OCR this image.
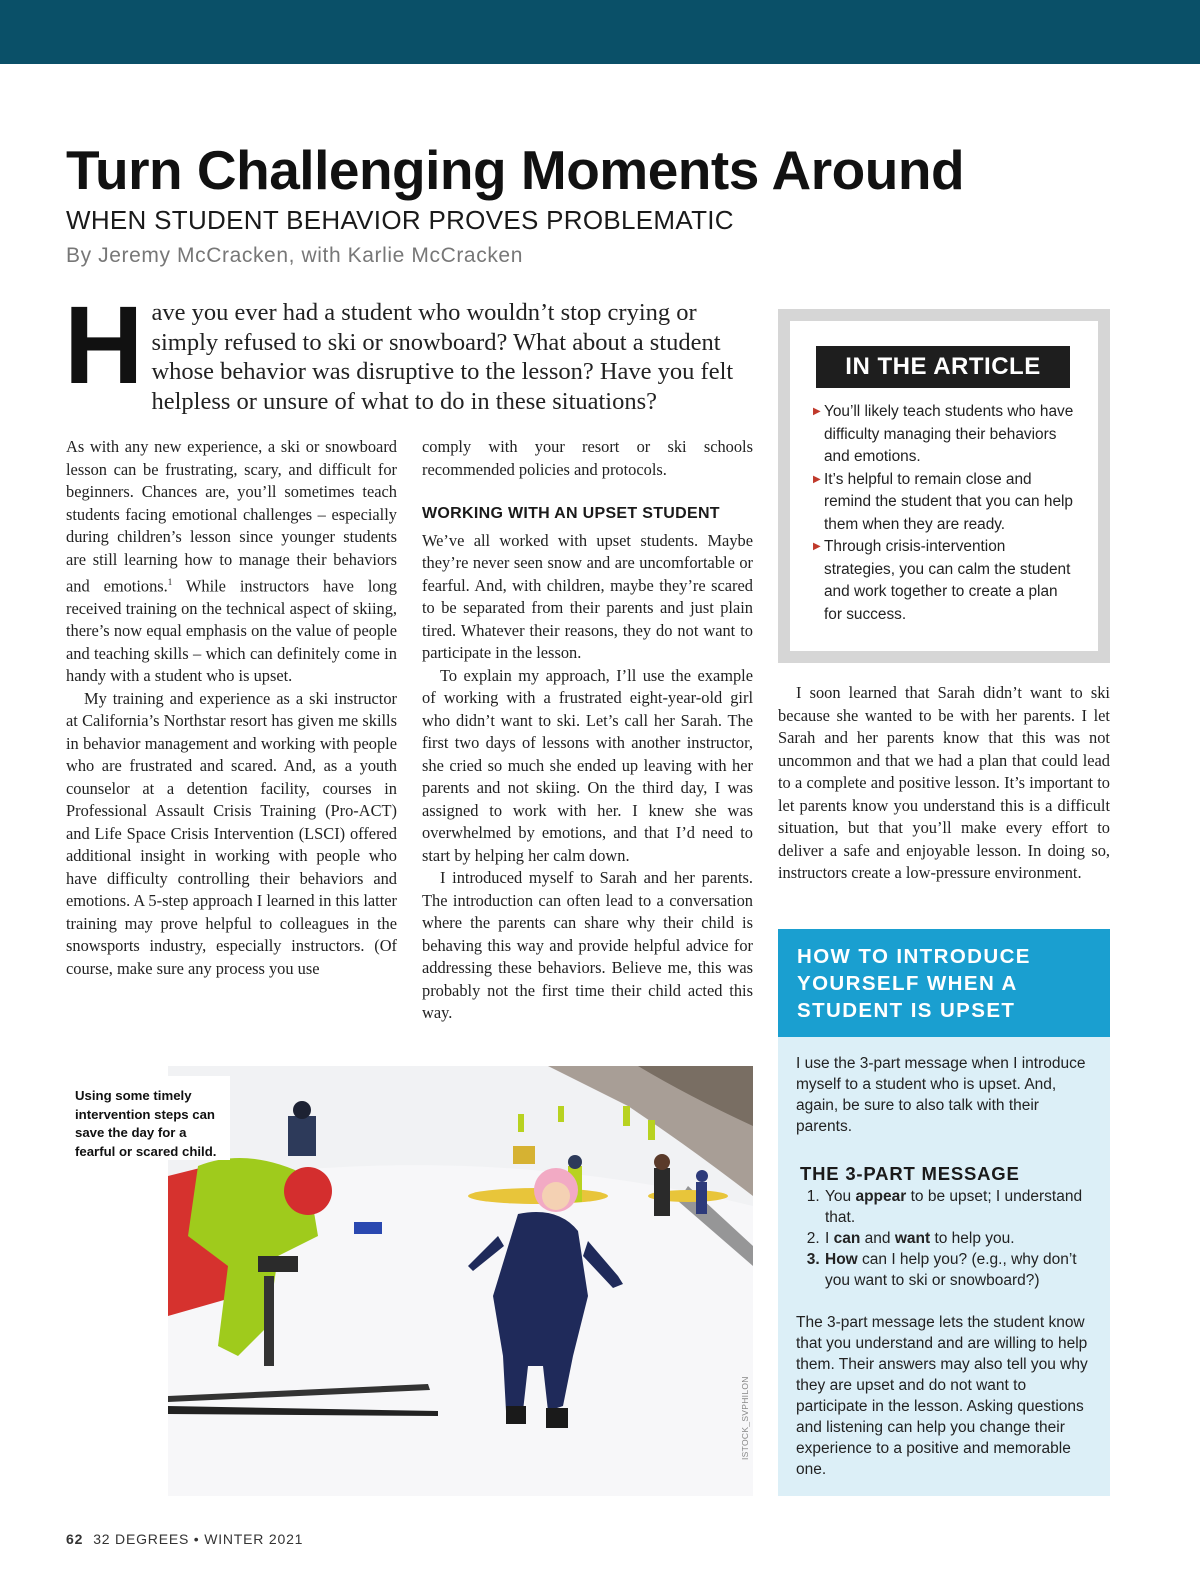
Turn Challenging Moments Around
WHEN STUDENT BEHAVIOR PROVES PROBLEMATIC
By Jeremy McCracken, with Karlie McCracken
Have you ever had a student who wouldn’t stop crying or simply refused to ski or snowboard? What about a student whose behavior was disruptive to the lesson? Have you felt helpless or unsure of what to do in these situations?

As with any new experience, a ski or snowboard lesson can be frustrating, scary, and difficult for beginners. Chances are, you’ll sometimes teach students facing emotional challenges – especially during children’s lesson since younger students are still learning how to manage their behaviors and emotions.$^1$ While instructors have long received training on the technical aspect of skiing, there’s now equal emphasis on the value of people and teaching skills – which can definitely come in handy with a student who is upset.

My training and experience as a ski instructor at California’s Northstar resort has given me skills in behavior management and working with people who are frustrated and scared. And, as a youth counselor at a detention facility, courses in Professional Assault Crisis Training (Pro-ACT) and Life Space Crisis Intervention (LSCI) offered additional insight in working with people who have difficulty controlling their behaviors and emotions. A 5-step approach I learned in this latter training may prove helpful to colleagues in the snowsports industry, especially instructors. (Of course, make sure any process you use

comply with your resort or ski schools recommended policies and protocols.

WORKING WITH AN UPSET STUDENT

We’ve all worked with upset students. Maybe they’re never seen snow and are uncomfortable or fearful. And, with children, maybe they’re scared to be separated from their parents and just plain tired. Whatever their reasons, they do not want to participate in the lesson.

To explain my approach, I’ll use the example of working with a frustrated eight-year-old girl who didn’t want to ski. Let’s call her Sarah. The first two days of lessons with another instructor, she cried so much she ended up leaving with her parents and not skiing. On the third day, I was assigned to work with her. I knew she was overwhelmed by emotions, and that I’d need to start by helping her calm down.

I introduced myself to Sarah and her parents. The introduction can often lead to a conversation where the parents can share why their child is behaving this way and provide helpful advice for addressing these behaviors. Believe me, this was probably not the first time their child acted this way.

IN THE ARTICLE
▶ You’ll likely teach students who have difficulty managing their behaviors and emotions.
▶ It’s helpful to remain close and remind the student that you can help them when they are ready.
▶ Through crisis-intervention strategies, you can calm the student and work together to create a plan for success.

I soon learned that Sarah didn’t want to ski because she wanted to be with her parents. I let Sarah and her parents know that this was not uncommon and that we had a plan that could lead to a complete and positive lesson. It’s important to let parents know you understand this is a difficult situation, but that you’ll make every effort to deliver a safe and enjoyable lesson. In doing so, instructors create a low-pressure environment.

HOW TO INTRODUCE YOURSELF WHEN A STUDENT IS UPSET

I use the 3-part message when I introduce myself to a student who is upset. And, again, be sure to also talk with their parents.

THE 3-PART MESSAGE
1. You appear to be upset; I understand that.
2. I can and want to help you.
3. How can I help you? (e.g., why don’t you want to ski or snowboard?)

The 3-part message lets the student know that you understand and are willing to help them. Their answers may also tell you why they are upset and do not want to participate in the lesson. Asking questions and listening can help you change their experience to a positive and memorable one.

Using some timely intervention steps can save the day for a fearful or scared child.
ISTOCK_SVPHILON
62 32 DEGREES • WINTER 2021
